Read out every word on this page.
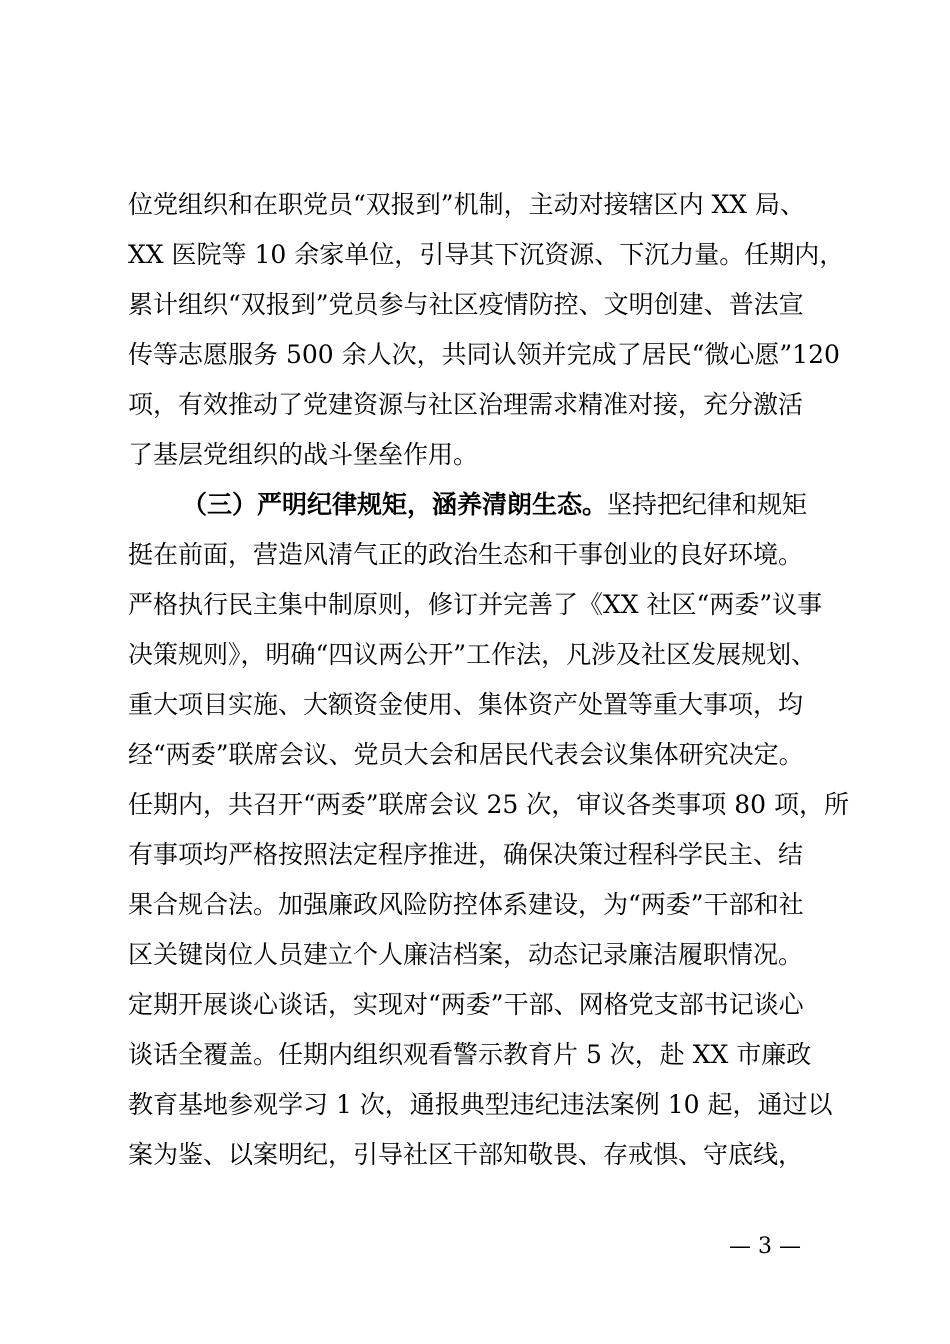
位党组织和在职党员“双报到”机制，主动对接辖区内 XX 局、
XX 医院等 10 余家单位，引导其下沉资源、下沉力量。任期内，
累计组织“双报到”党员参与社区疫情防控、文明创建、普法宣
传等志愿服务 500 余人次，共同认领并完成了居民“微心愿”120
项，有效推动了党建资源与社区治理需求精准对接，充分激活
了基层党组织的战斗堡垒作用。
（三）严明纪律规矩，涵养清朗生态。坚持把纪律和规矩
挺在前面，营造风清气正的政治生态和干事创业的良好环境。
严格执行民主集中制原则，修订并完善了《XX 社区“两委”议事
决策规则》，明确“四议两公开”工作法，凡涉及社区发展规划、
重大项目实施、大额资金使用、集体资产处置等重大事项，均
经“两委”联席会议、党员大会和居民代表会议集体研究决定。
任期内，共召开“两委”联席会议 25 次，审议各类事项 80 项，所
有事项均严格按照法定程序推进，确保决策过程科学民主、结
果合规合法。加强廉政风险防控体系建设，为“两委”干部和社
区关键岗位人员建立个人廉洁档案，动态记录廉洁履职情况。
定期开展谈心谈话，实现对“两委”干部、网格党支部书记谈心
谈话全覆盖。任期内组织观看警示教育片 5 次，赴 XX 市廉政
教育基地参观学习 1 次，通报典型违纪违法案例 10 起，通过以
案为鉴、以案明纪，引导社区干部知敬畏、存戒惧、守底线，
— 3 —
